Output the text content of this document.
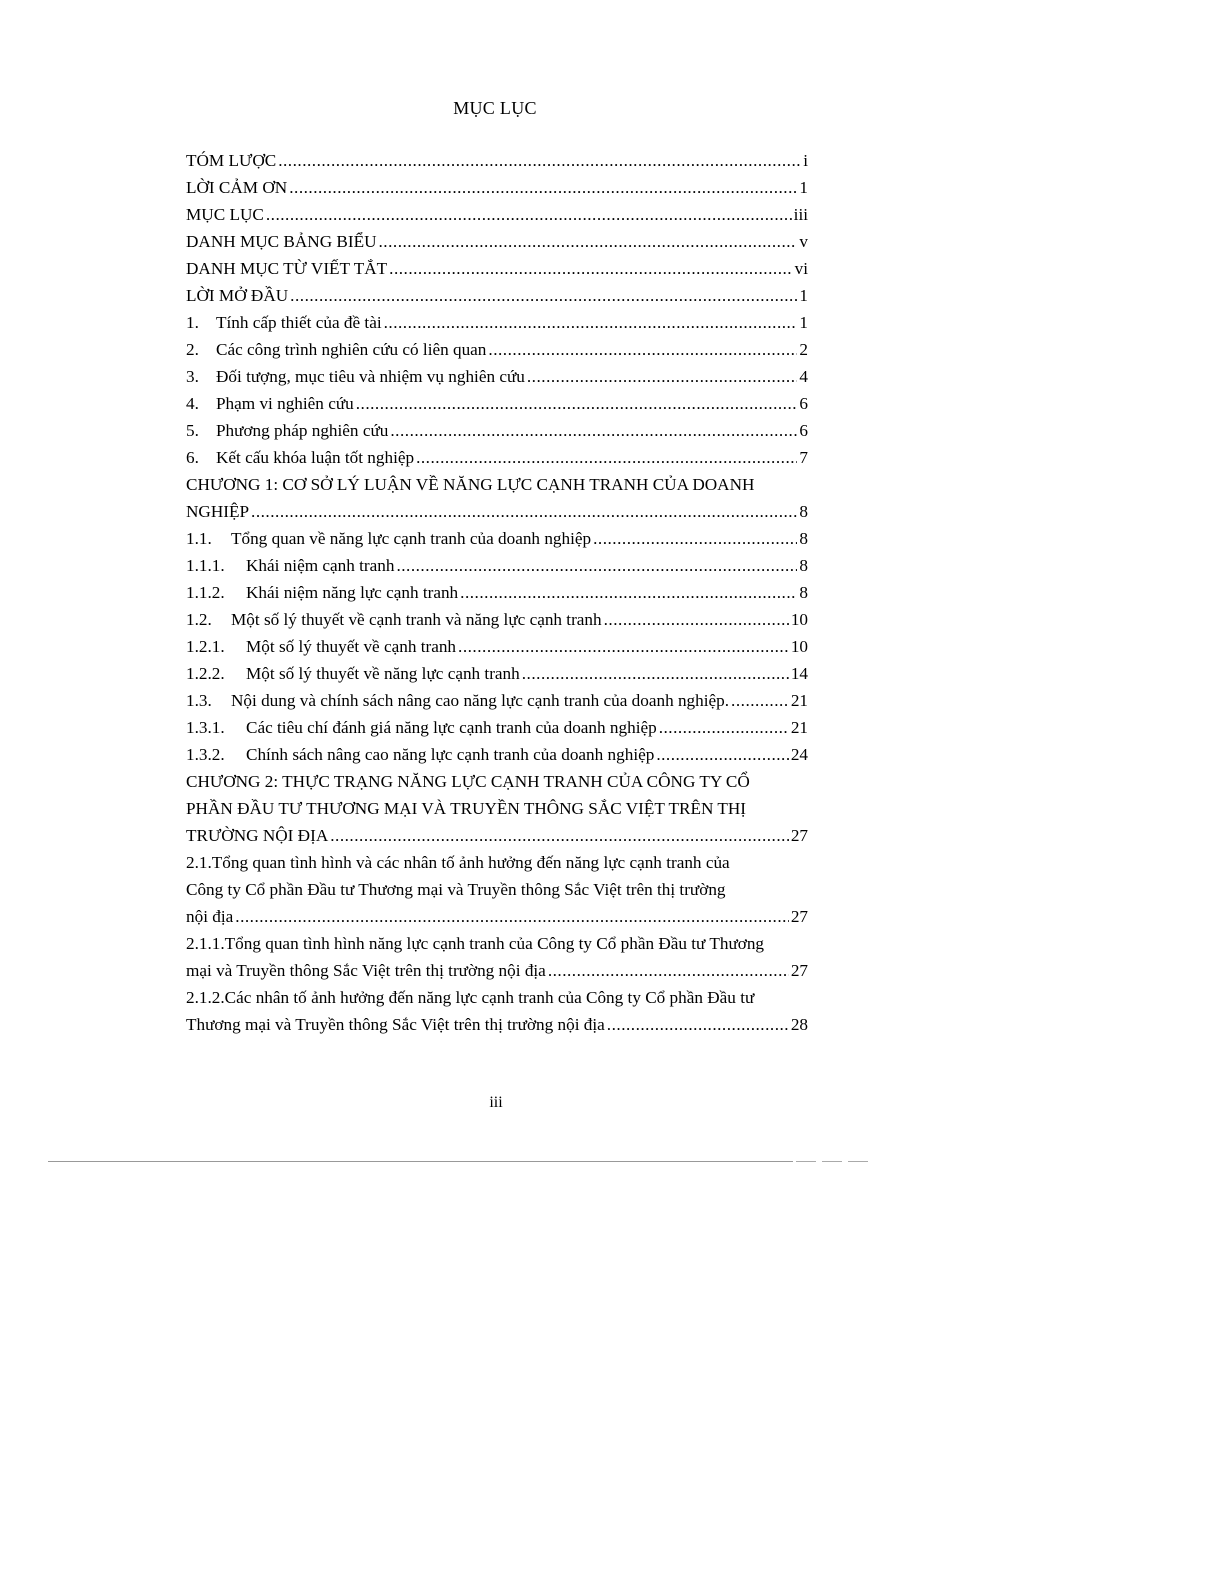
MỤC LỤC
TÓM LƯỢC .....	i
LỜI CẢM ƠN .....	1
MỤC LỤC .....	iii
DANH MỤC BẢNG BIỂU .....	v
DANH MỤC TỪ VIẾT TẮT .....	vi
LỜI MỞ ĐẦU .....	1
1. Tính cấp thiết của đề tài .....	1
2. Các công trình nghiên cứu có liên quan .....	2
3. Đối tượng, mục tiêu và nhiệm vụ nghiên cứu .....	4
4. Phạm vi nghiên cứu .....	6
5. Phương pháp nghiên cứu .....	6
6. Kết cấu khóa luận tốt nghiệp .....	7
CHƯƠNG 1: CƠ SỞ LÝ LUẬN VỀ NĂNG LỰC CẠNH TRANH CỦA DOANH
NGHIỆP .....	8
1.1.	Tổng quan về năng lực cạnh tranh của doanh nghiệp .....	8
1.1.1.	Khái niệm cạnh tranh .....	8
1.1.2.	Khái niệm năng lực cạnh tranh .....	8
1.2.	Một số lý thuyết về cạnh tranh và năng lực cạnh tranh .....	10
1.2.1.	Một số lý thuyết về cạnh tranh .....	10
1.2.2.	Một số lý thuyết về năng lực cạnh tranh .....	14
1.3.	Nội dung và chính sách nâng cao năng lực cạnh tranh của doanh nghiệp. .....	21
1.3.1.	Các tiêu chí đánh giá năng lực cạnh tranh của doanh nghiệp .....	21
1.3.2.	Chính sách nâng cao năng lực cạnh tranh của doanh nghiệp .....	24
CHƯƠNG 2: THỰC TRẠNG NĂNG LỰC CẠNH TRANH CỦA CÔNG TY CỔ
PHẦN ĐẦU TƯ THƯƠNG MẠI VÀ TRUYỀN THÔNG SẮC VIỆT TRÊN THỊ
TRƯỜNG NỘI ĐỊA .....	27
2.1.Tổng quan tình hình và các nhân tố ảnh hưởng đến năng lực cạnh tranh của
Công ty Cổ phần Đầu tư Thương mại và Truyền thông Sắc Việt trên thị trường
nội địa .....	27
2.1.1.Tổng quan tình hình năng lực cạnh tranh của Công ty Cổ phần Đầu tư Thương
mại và Truyền thông Sắc Việt trên thị trường nội địa .....	27
2.1.2.Các nhân tố ảnh hưởng đến năng lực cạnh tranh của Công ty Cổ phần Đầu tư
Thương mại và Truyền thông Sắc Việt trên thị trường nội địa .....	28
iii
